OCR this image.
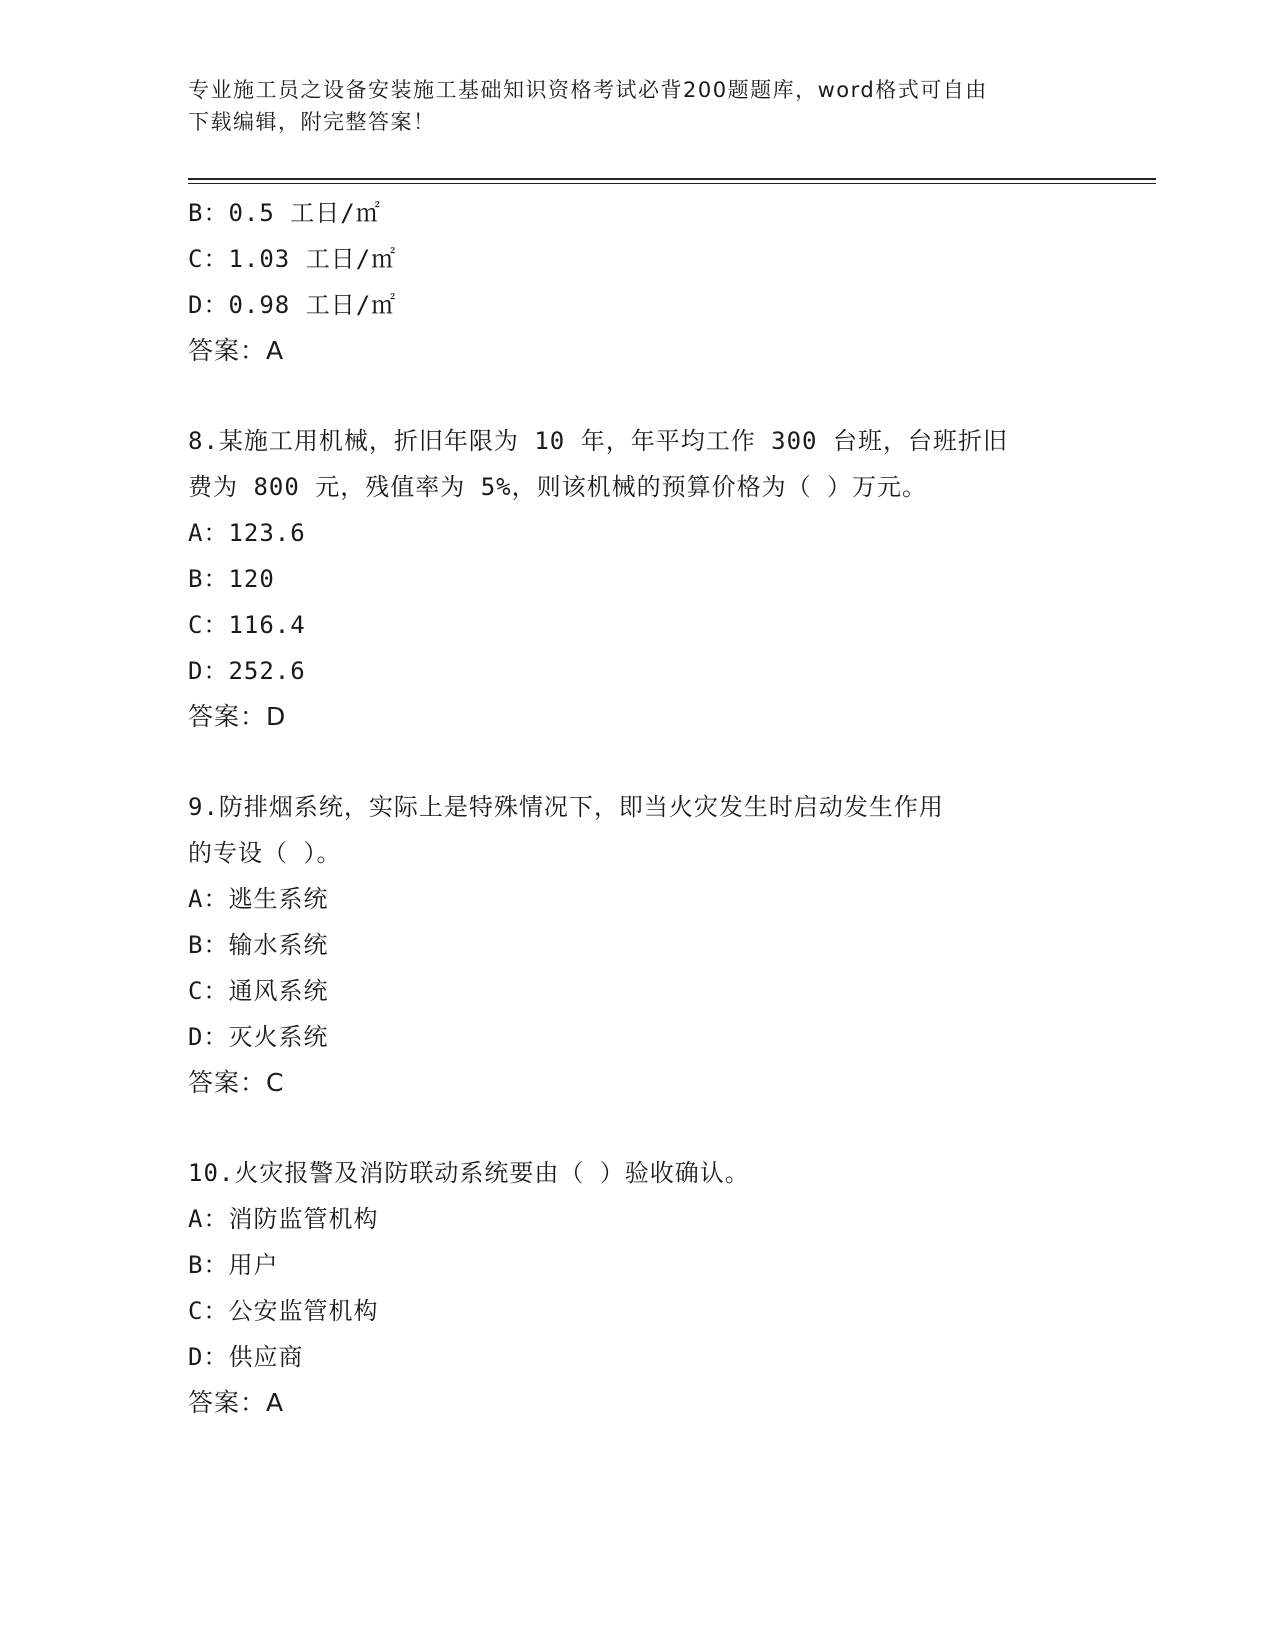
专业施工员之设备安装施工基础知识资格考试必背200题题库，word格式可自由
下载编辑，附完整答案！
B：0.5 工日/㎡
C：1.03 工日/㎡
D：0.98 工日/㎡
答案：A
8.某施工用机械，折旧年限为 10 年，年平均工作 300 台班，台班折旧
费为 800 元，残值率为 5%，则该机械的预算价格为（ ）万元。
A：123.6
B：120
C：116.4
D：252.6
答案：D
9.防排烟系统，实际上是特殊情况下，即当火灾发生时启动发生作用
的专设（ ）。
A：逃生系统
B：输水系统
C：通风系统
D：灭火系统
答案：C
10.火灾报警及消防联动系统要由（ ）验收确认。
A：消防监管机构
B：用户
C：公安监管机构
D：供应商
答案：A
